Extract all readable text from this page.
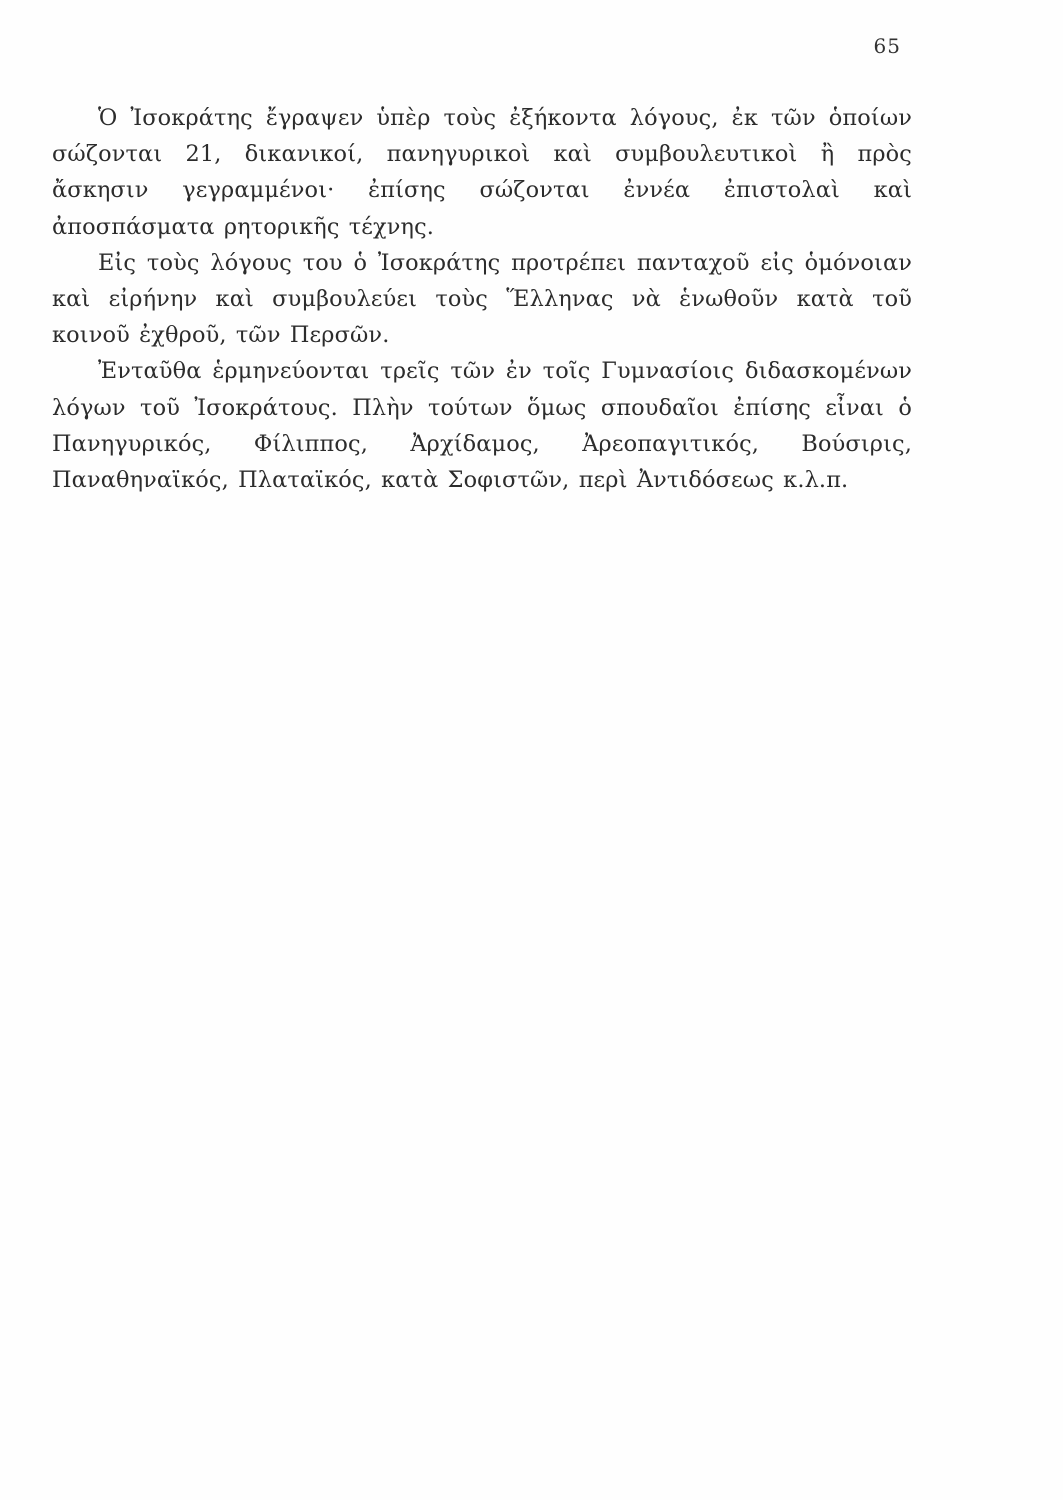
65

Ὁ Ἰσοκράτης ἔγραψεν ὑπὲρ τοὺς ἐξήκοντα λόγους, ἐκ τῶν ὁποίων σώζονται 21, δικανικοί, πανηγυρικοὶ καὶ συμβουλευτικοὶ ἢ πρὸς ἄσκησιν γεγραμμένοι· ἐπίσης σώζονται ἐννέα ἐπιστολαὶ καὶ ἀποσπάσματα ρητορικῆς τέχνης.

Εἰς τοὺς λόγους του ὁ Ἰσοκράτης προτρέπει πανταχοῦ εἰς ὁμόνοιαν καὶ εἰρήνην καὶ συμβουλεύει τοὺς Ἕλληνας νὰ ἑνωθοῦν κατὰ τοῦ κοινοῦ ἐχθροῦ, τῶν Περσῶν.

Ἐνταῦθα ἑρμηνεύονται τρεῖς τῶν ἐν τοῖς Γυμνασίοις διδασκομένων λόγων τοῦ Ἰσοκράτους. Πλὴν τούτων ὅμως σπουδαῖοι ἐπίσης εἶναι ὁ Πανηγυρικός, Φίλιππος, Ἀρχίδαμος, Ἀρεοπαγιτικός, Βούσιρις, Παναθηναϊκός, Πλαταϊκός, κατὰ Σοφιστῶν, περὶ Ἀντιδόσεως κ.λ.π.
